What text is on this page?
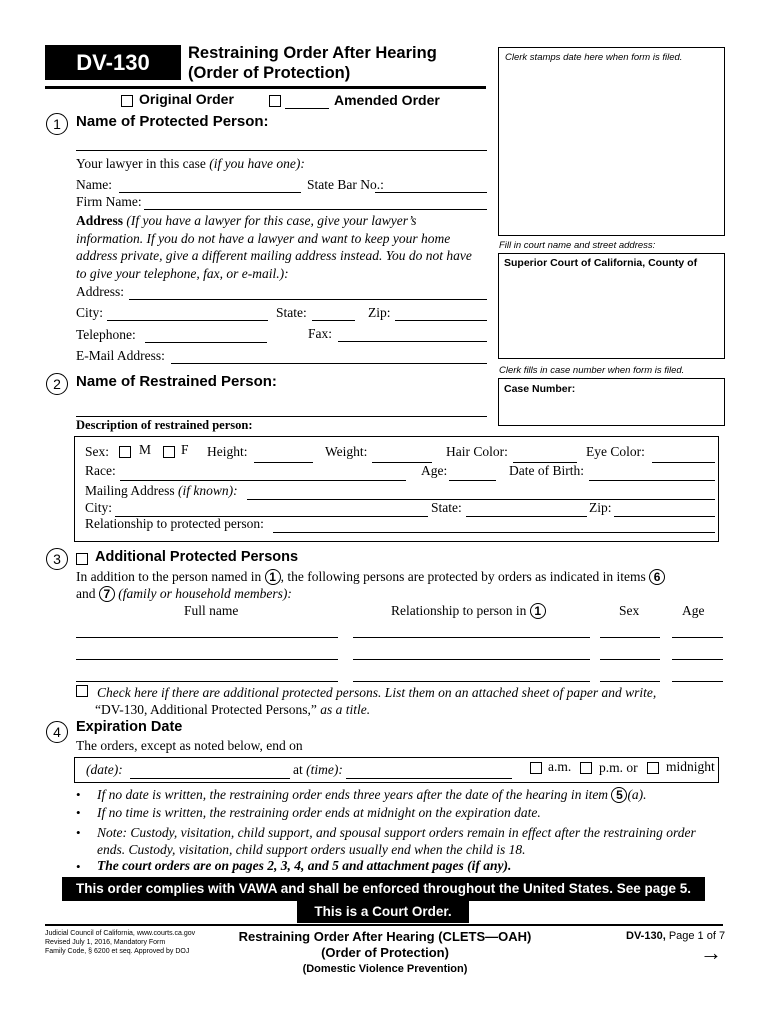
DV-130	Restraining Order After Hearing
(Order of Protection)
Original Order	Amended Order
Clerk stamps date here when form is filed.
Fill in court name and street address:
Superior Court of California, County of
Clerk fills in case number when form is filed.
Case Number:
1	Name of Protected Person:
Your lawyer in this case (if you have one):
Name:	State Bar No.:
Firm Name:
Address (If you have a lawyer for this case, give your lawyer’s
information. If you do not have a lawyer and want to keep your home
address private, give a different mailing address instead. You do not have
to give your telephone, fax, or e-mail.):
Address:
City:	State:	Zip:
Telephone:	Fax:
E-Mail Address:
2	Name of Restrained Person:
Description of restrained person:
Sex: M F Height:	Weight:	Hair Color:	Eye Color:
Race:	Age:	Date of Birth:
Mailing Address (if known):
City:	State:	Zip:
Relationship to protected person:
3	Additional Protected Persons
In addition to the person named in 1 , the following persons are protected by orders as indicated in items 6
and 7 (family or household members):
Full name	Relationship to person in 1	Sex	Age
Check here if there are additional protected persons. List them on an attached sheet of paper and write,
“DV-130, Additional Protected Persons,” as a title.
4	Expiration Date
The orders, except as noted below, end on
(date):	at (time):	a.m. p.m. or midnight
• If no date is written, the restraining order ends three years after the date of the hearing in item 5 (a).
• If no time is written, the restraining order ends at midnight on the expiration date.
• Note: Custody, visitation, child support, and spousal support orders remain in effect after the restraining order
ends. Custody, visitation, child support orders usually end when the child is 18.
• The court orders are on pages 2, 3, 4, and 5 and attachment pages (if any).
This order complies with VAWA and shall be enforced throughout the United States. See page 5.
This is a Court Order.
Judicial Council of California, www.courts.ca.gov
Revised July 1, 2016, Mandatory Form
Family Code, § 6200 et seq. Approved by DOJ
Restraining Order After Hearing (CLETS—OAH)
(Order of Protection)
(Domestic Violence Prevention)
DV-130, Page 1 of 7
→
